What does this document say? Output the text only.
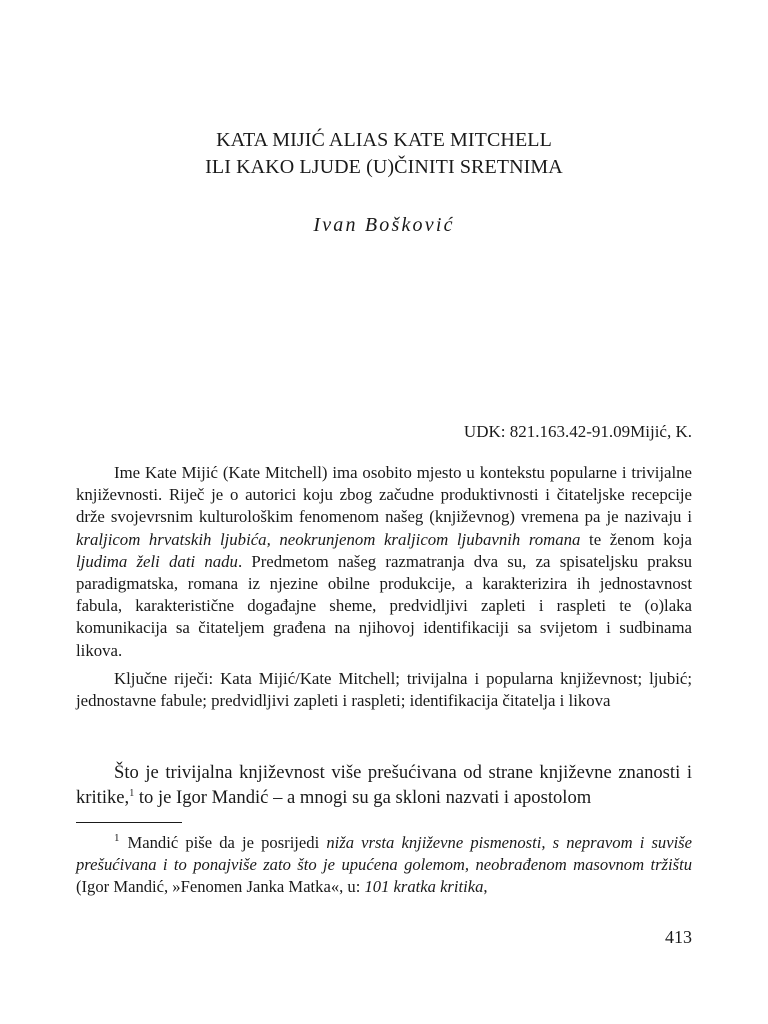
KATA MIJIĆ ALIAS KATE MITCHELL
ILI KAKO LJUDE (U)ČINITI SRETNIMA
Ivan Bošković
UDK: 821.163.42-91.09Mijić, K.

Ime Kate Mijić (Kate Mitchell) ima osobito mjesto u kontekstu popularne i trivijalne književnosti. Riječ je o autorici koju zbog začudne produktivnosti i čitateljske recepcije drže svojevrsnim kulturološkim fenomenom našeg (književnog) vremena pa je nazivaju i kraljicom hrvatskih ljubića, neokrunjenom kraljicom ljubavnih romana te ženom koja ljudima želi dati nadu. Predmetom našeg razmatranja dva su, za spisateljsku praksu paradigmatska, romana iz njezine obilne produkcije, a karakterizira ih jednostavnost fabula, karakteristične događajne sheme, predvidljivi zapleti i raspleti te (o)laka komunikacija sa čitateljem građena na njihovoj identifikaciji sa svijetom i sudbinama likova.

Ključne riječi: Kata Mijić/Kate Mitchell; trivijalna i popularna književnost; ljubić; jednostavne fabule; predvidljivi zapleti i raspleti; identifikacija čitatelja i likova

Što je trivijalna književnost više prešućivana od strane književne znanosti i kritike,$^1$ to je Igor Mandić – a mnogi su ga skloni nazvati i apostolom

$^1$ Mandić piše da je posrijedi niža vrsta književne pismenosti, s nepravom i suviše prešućivana i to ponajviše zato što je upućena golemom, neobrađenom masovnom tržištu (Igor Mandić, »Fenomen Janka Matka«, u: 101 kratka kritika,

413
